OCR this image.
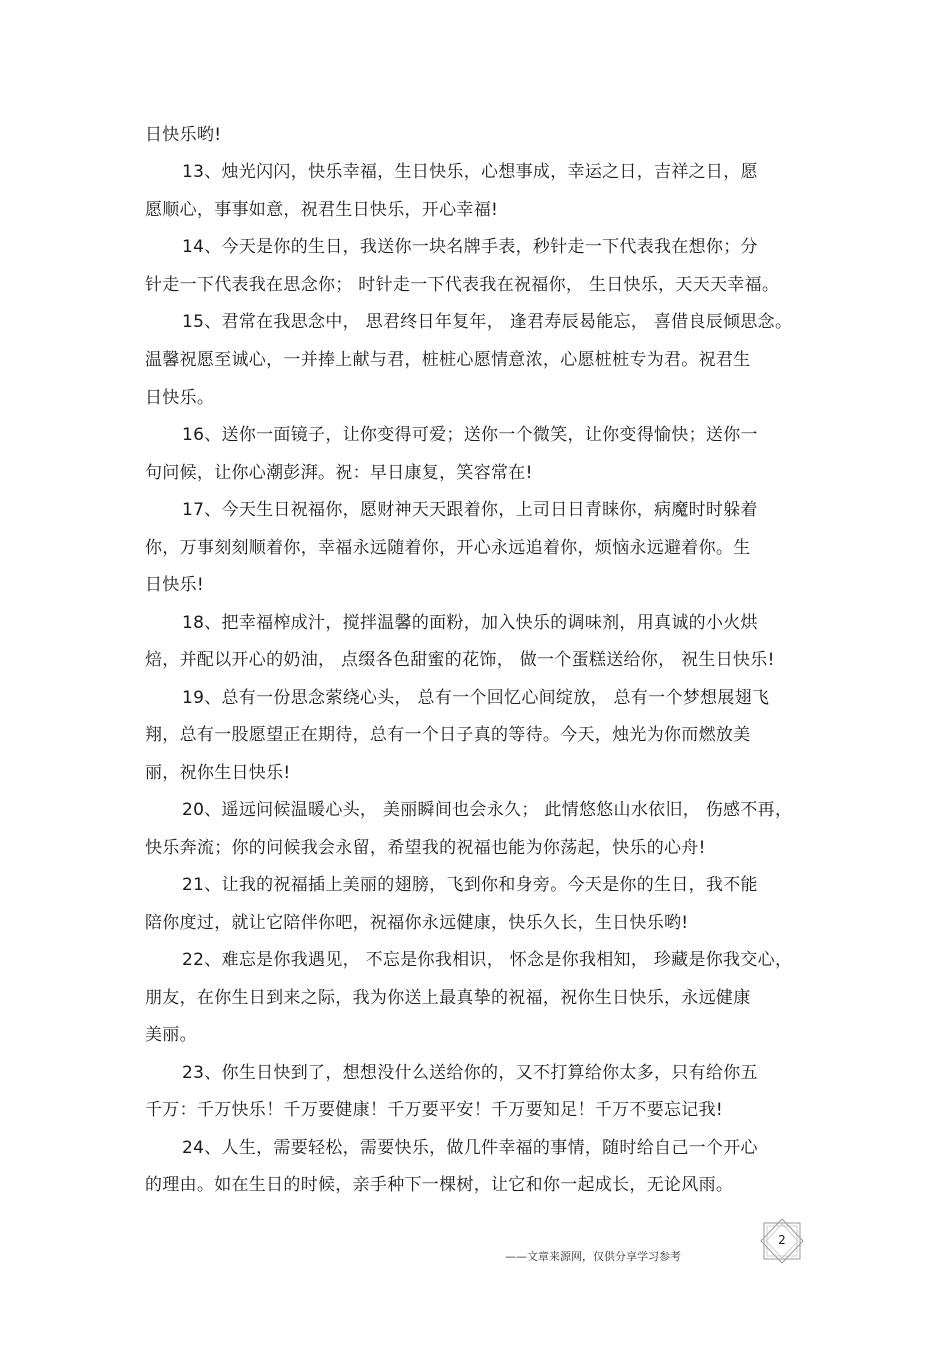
日快乐哟!
13、烛光闪闪，快乐幸福，生日快乐，心想事成，幸运之日，吉祥之日，愿
愿顺心，事事如意，祝君生日快乐，开心幸福!
14、今天是你的生日，我送你一块名牌手表，秒针走一下代表我在想你；分
针走一下代表我在思念你； 时针走一下代表我在祝福你， 生日快乐，天天天幸福。
15、君常在我思念中， 思君终日年复年， 逢君寿辰曷能忘， 喜借良辰倾思念。
温馨祝愿至诚心，一并捧上献与君，桩桩心愿情意浓，心愿桩桩专为君。祝君生
日快乐。
16、送你一面镜子，让你变得可爱；送你一个微笑，让你变得愉快；送你一
句问候，让你心潮彭湃。祝：早日康复，笑容常在!
17、今天生日祝福你，愿财神天天跟着你，上司日日青睐你，病魔时时躲着
你，万事刻刻顺着你，幸福永远随着你，开心永远追着你，烦恼永远避着你。生
日快乐!
18、把幸福榨成汁，搅拌温馨的面粉，加入快乐的调味剂，用真诚的小火烘
焙，并配以开心的奶油， 点缀各色甜蜜的花饰， 做一个蛋糕送给你， 祝生日快乐!
19、总有一份思念萦绕心头， 总有一个回忆心间绽放， 总有一个梦想展翅飞
翔，总有一股愿望正在期待，总有一个日子真的等待。今天，烛光为你而燃放美
丽，祝你生日快乐!
20、遥远问候温暖心头， 美丽瞬间也会永久； 此情悠悠山水依旧， 伤感不再，
快乐奔流；你的问候我会永留，希望我的祝福也能为你荡起，快乐的心舟!
21、让我的祝福插上美丽的翅膀，飞到你和身旁。今天是你的生日，我不能
陪你度过，就让它陪伴你吧，祝福你永远健康，快乐久长，生日快乐哟!
22、难忘是你我遇见， 不忘是你我相识， 怀念是你我相知， 珍藏是你我交心，
朋友，在你生日到来之际，我为你送上最真挚的祝福，祝你生日快乐，永远健康
美丽。
23、你生日快到了，想想没什么送给你的，又不打算给你太多，只有给你五
千万：千万快乐！千万要健康！千万要平安！千万要知足！千万不要忘记我!
24、人生，需要轻松，需要快乐，做几件幸福的事情，随时给自己一个开心
的理由。如在生日的时候，亲手种下一棵树，让它和你一起成长，无论风雨。
——文章来源网，仅供分享学习参考
2
